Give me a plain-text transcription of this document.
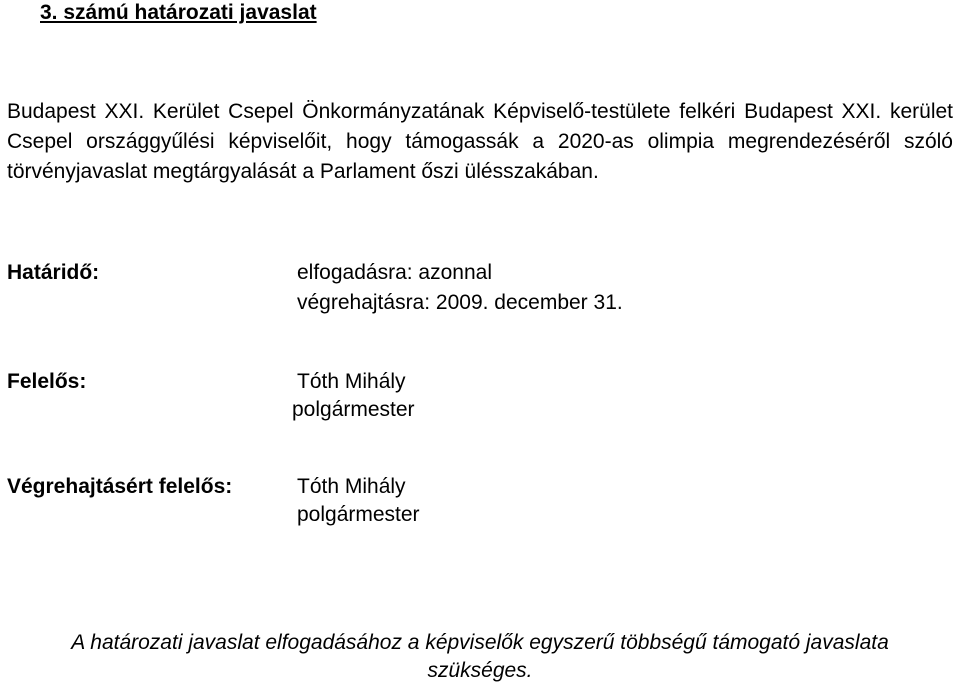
3. számú határozati javaslat
Budapest XXI. Kerület Csepel Önkormányzatának Képviselő-testülete felkéri Budapest XXI. kerület Csepel országgyűlési képviselőit, hogy támogassák a 2020-as olimpia megrendezéséről szóló törvényjavaslat megtárgyalását a Parlament őszi ülésszakában.
Határidő:	elfogadásra: azonnal
végrehajtásra: 2009. december 31.
Felelős:	Tóth Mihály
polgármester
Végrehajtásért felelős:	Tóth Mihály
polgármester
A határozati javaslat elfogadásához a képviselők egyszerű többségű támogató javaslata
szükséges.
